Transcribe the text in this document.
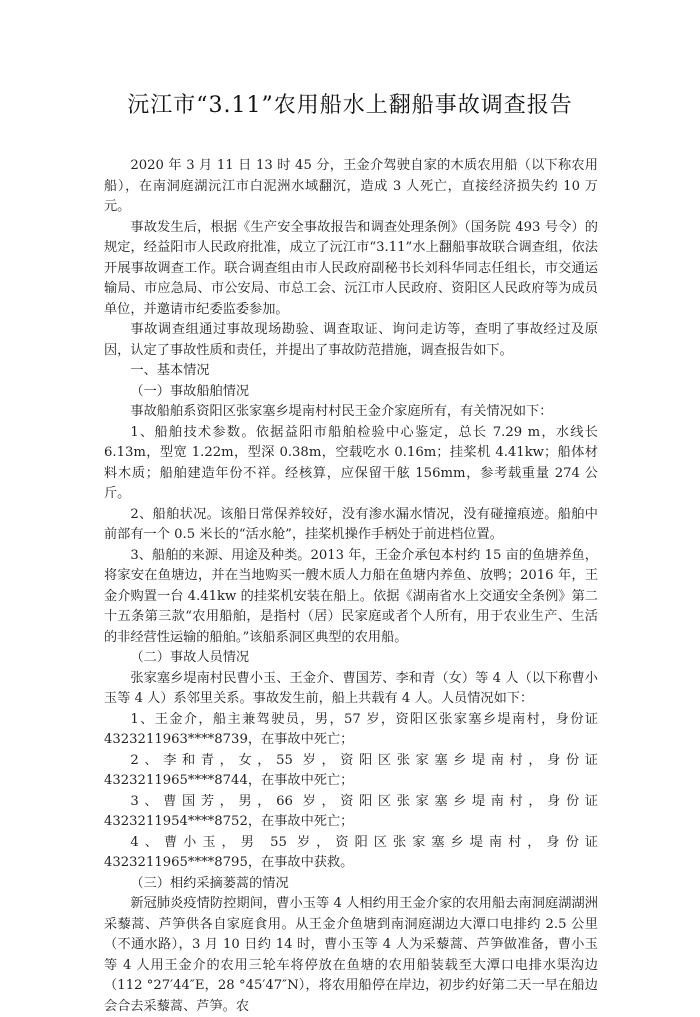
沅江市“3.11”农用船水上翻船事故调查报告

2020 年 3 月 11 日 13 时 45 分，王金介驾驶自家的木质农用船（以下称农用船），在南洞庭湖沅江市白泥洲水域翻沉，造成 3 人死亡，直接经济损失约 10 万元。

事故发生后，根据《生产安全事故报告和调查处理条例》（国务院 493 号令）的规定，经益阳市人民政府批准，成立了沅江市“3.11”水上翻船事故联合调查组，依法开展事故调查工作。联合调查组由市人民政府副秘书长刘科华同志任组长，市交通运输局、市应急局、市公安局、市总工会、沅江市人民政府、资阳区人民政府等为成员单位，并邀请市纪委监委参加。

事故调查组通过事故现场勘验、调查取证、询问走访等，查明了事故经过及原因，认定了事故性质和责任，并提出了事故防范措施，调查报告如下。

一、基本情况

（一）事故船舶情况

事故船舶系资阳区张家塞乡堤南村村民王金介家庭所有，有关情况如下：

1、船舶技术参数。依据益阳市船舶检验中心鉴定，总长 7.29 m，水线长 6.13m，型宽 1.22m，型深 0.38m，空载吃水 0.16m；挂桨机 4.41kw；船体材料木质；船舶建造年份不祥。经核算，应保留干舷 156mm，参考载重量 274 公斤。

2、船舶状况。该船日常保养较好，没有渗水漏水情况，没有碰撞痕迹。船舶中前部有一个 0.5 米长的“活水舱”，挂桨机操作手柄处于前进档位置。

3、船舶的来源、用途及种类。2013 年，王金介承包本村约 15 亩的鱼塘养鱼，将家安在鱼塘边，并在当地购买一艘木质人力船在鱼塘内养鱼、放鸭；2016 年，王金介购置一台 4.41kw 的挂桨机安装在船上。依据《湖南省水上交通安全条例》第二十五条第三款“农用船舶，是指村（居）民家庭或者个人所有，用于农业生产、生活的非经营性运输的船舶。”该船系洞区典型的农用船。

（二）事故人员情况

张家塞乡堤南村民曹小玉、王金介、曹国芳、李和青（女）等 4 人（以下称曹小玉等 4 人）系邻里关系。事故发生前，船上共载有 4 人。人员情况如下：

1、王金介，船主兼驾驶员，男，57 岁，资阳区张家塞乡堤南村，身份证 4323211963****8739，在事故中死亡；

2、李和青，女，55 岁，资阳区张家塞乡堤南村，身份证 4323211965****8744，在事故中死亡；

3、曹国芳，男，66 岁，资阳区张家塞乡堤南村，身份证 4323211954****8752，在事故中死亡；

4、曹小玉，男 55 岁，资阳区张家塞乡堤南村，身份证 4323211965****8795，在事故中获救。

（三）相约采摘蒌蒿的情况

新冠肺炎疫情防控期间，曹小玉等 4 人相约用王金介家的农用船去南洞庭湖湖洲采藜蒿、芦笋供各自家庭食用。从王金介鱼塘到南洞庭湖边大潭口电排约 2.5 公里（不通水路），3 月 10 日约 14 时，曹小玉等 4 人为采藜蒿、芦笋做准备，曹小玉等 4 人用王金介的农用三轮车将停放在鱼塘的农用船装载至大潭口电排水渠沟边（112 °27′44″E，28 °45′47″N），将农用船停在岸边，初步约好第二天一早在船边会合去采藜蒿、芦笋。农
